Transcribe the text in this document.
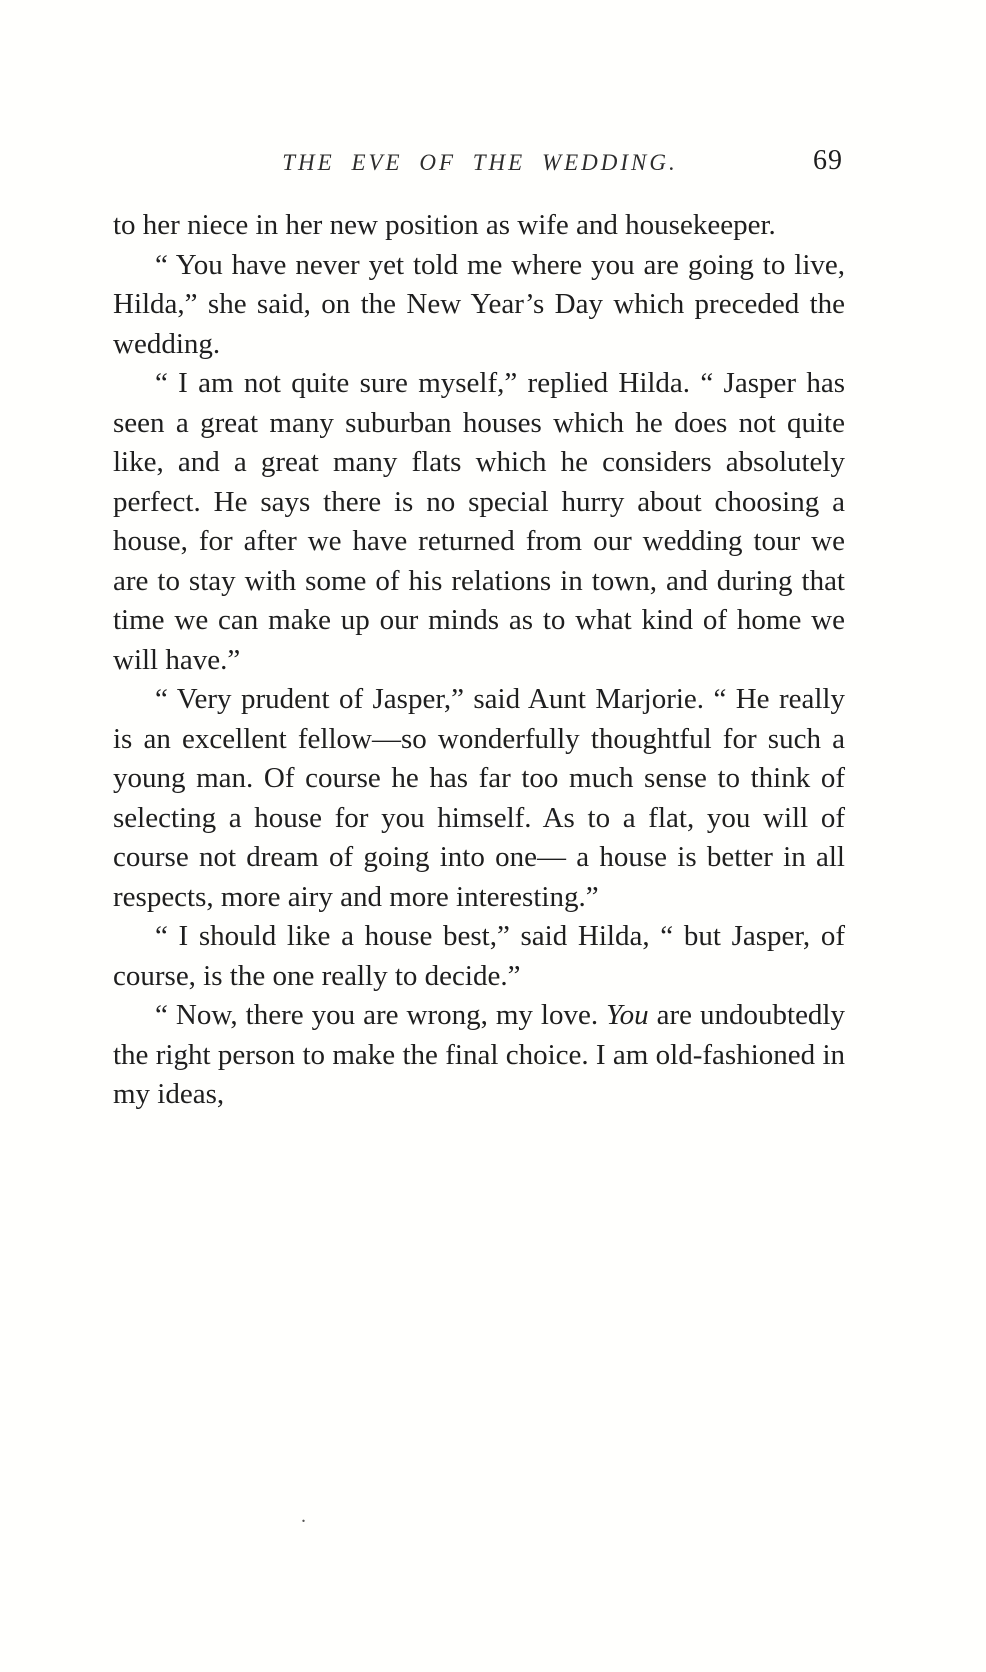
THE EVE OF THE WEDDING.	69

to her niece in her new position as wife and housekeeper.

“ You have never yet told me where you are going to live, Hilda,” she said, on the New Year’s Day which preceded the wedding.

“ I am not quite sure myself,” replied Hilda. “ Jasper has seen a great many suburban houses which he does not quite like, and a great many flats which he considers absolutely perfect. He says there is no special hurry about choosing a house, for after we have returned from our wedding tour we are to stay with some of his relations in town, and during that time we can make up our minds as to what kind of home we will have.”

“ Very prudent of Jasper,” said Aunt Marjorie. “ He really is an excellent fellow—so wonderfully thoughtful for such a young man. Of course he has far too much sense to think of selecting a house for you himself. As to a flat, you will of course not dream of going into one— a house is better in all respects, more airy and more interesting.”

“ I should like a house best,” said Hilda, “ but Jasper, of course, is the one really to decide.”

“ Now, there you are wrong, my love. You are undoubtedly the right person to make the final choice. I am old-fashioned in my ideas,

.
